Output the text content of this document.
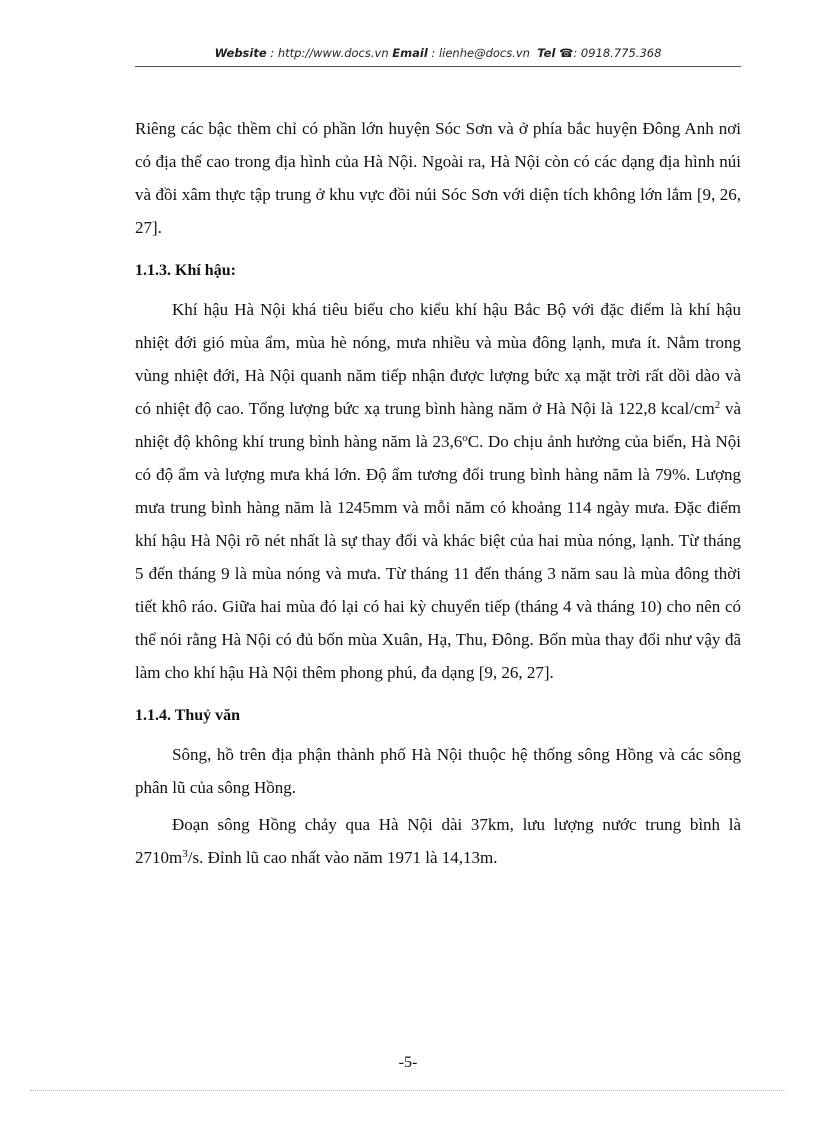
Website : http://www.docs.vn Email : lienhe@docs.vn Tel ☎: 0918.775.368

Riêng các bậc thềm chỉ có phần lớn huyện Sóc Sơn và ở phía bắc huyện Đông Anh nơi có địa thế cao trong địa hình của Hà Nội. Ngoài ra, Hà Nội còn có các dạng địa hình núi và đồi xâm thực tập trung ở khu vực đồi núi Sóc Sơn với diện tích không lớn lắm [9, 26, 27].

1.1.3. Khí hậu:

Khí hậu Hà Nội khá tiêu biểu cho kiểu khí hậu Bắc Bộ với đặc điểm là khí hậu nhiệt đới gió mùa ẩm, mùa hè nóng, mưa nhiều và mùa đông lạnh, mưa ít. Nằm trong vùng nhiệt đới, Hà Nội quanh năm tiếp nhận được lượng bức xạ mặt trời rất dồi dào và có nhiệt độ cao. Tổng lượng bức xạ trung bình hàng năm ở Hà Nội là 122,8 kcal/$cm^2$ và nhiệt độ không khí trung bình hàng năm là 23,6$^o$C. Do chịu ảnh hưởng của biển, Hà Nội có độ ẩm và lượng mưa khá lớn. Độ ẩm tương đối trung bình hàng năm là 79%. Lượng mưa trung bình hàng năm là 1245mm và mỗi năm có khoảng 114 ngày mưa. Đặc điểm khí hậu Hà Nội rõ nét nhất là sự thay đổi và khác biệt của hai mùa nóng, lạnh. Từ tháng 5 đến tháng 9 là mùa nóng và mưa. Từ tháng 11 đến tháng 3 năm sau là mùa đông thời tiết khô ráo. Giữa hai mùa đó lại có hai kỳ chuyển tiếp (tháng 4 và tháng 10) cho nên có thể nói rằng Hà Nội có đủ bốn mùa Xuân, Hạ, Thu, Đông. Bốn mùa thay đổi như vậy đã làm cho khí hậu Hà Nội thêm phong phú, đa dạng [9, 26, 27].

1.1.4. Thuỷ văn

Sông, hồ trên địa phận thành phố Hà Nội thuộc hệ thống sông Hồng và các sông phân lũ của sông Hồng.

Đoạn sông Hồng chảy qua Hà Nội dài 37km, lưu lượng nước trung bình là $2710m^3/s$. Đỉnh lũ cao nhất vào năm 1971 là 14,13m.

-5-
